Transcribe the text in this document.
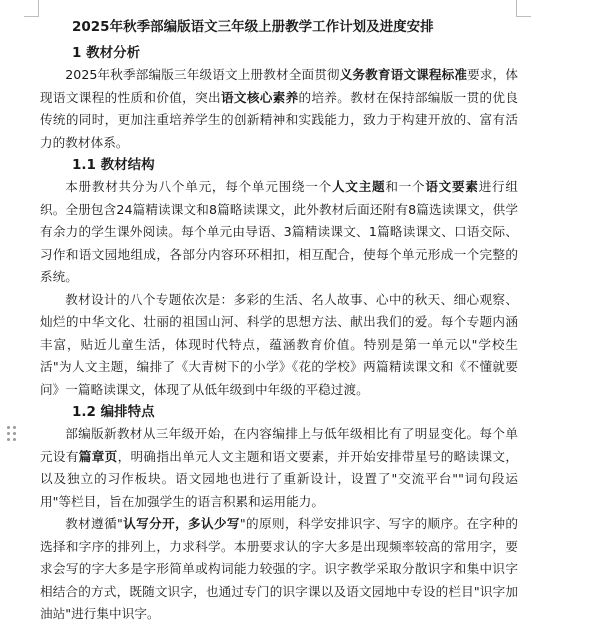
2025年秋季部编版语文三年级上册教学工作计划及进度安排
1 教材分析

2025年秋季部编版三年级语文上册教材全面贯彻义务教育语文课程标准要求，体现语文课程的性质和价值，突出语文核心素养的培养。教材在保持部编版一贯的优良传统的同时，更加注重培养学生的创新精神和实践能力，致力于构建开放的、富有活力的教材体系。

1.1 教材结构

本册教材共分为八个单元，每个单元围绕一个人文主题和一个语文要素进行组织。全册包含24篇精读课文和8篇略读课文，此外教材后面还附有8篇选读课文，供学有余力的学生课外阅读。每个单元由导语、3篇精读课文、1篇略读课文、口语交际、习作和语文园地组成，各部分内容环环相扣，相互配合，使每个单元形成一个完整的系统。

教材设计的八个专题依次是：多彩的生活、名人故事、心中的秋天、细心观察、灿烂的中华文化、壮丽的祖国山河、科学的思想方法、献出我们的爱。每个专题内涵丰富，贴近儿童生活，体现时代特点，蕴涵教育价值。特别是第一单元以"学校生活"为人文主题，编排了《大青树下的小学》《花的学校》两篇精读课文和《不懂就要问》一篇略读课文，体现了从低年级到中年级的平稳过渡。

1.2 编排特点

部编版新教材从三年级开始，在内容编排上与低年级相比有了明显变化。每个单元设有篇章页，明确指出单元人文主题和语文要素，并开始安排带星号的略读课文，以及独立的习作板块。语文园地也进行了重新设计，设置了"交流平台""词句段运用"等栏目，旨在加强学生的语言积累和运用能力。

教材遵循"认写分开，多认少写"的原则，科学安排识字、写字的顺序。在字种的选择和字序的排列上，力求科学。本册要求认的字大多是出现频率较高的常用字，要求会写的字大多是字形简单或构词能力较强的字。识字教学采取分散识字和集中识字相结合的方式，既随文识字，也通过专门的识字课以及语文园地中专设的栏目"识字加油站"进行集中识字。
